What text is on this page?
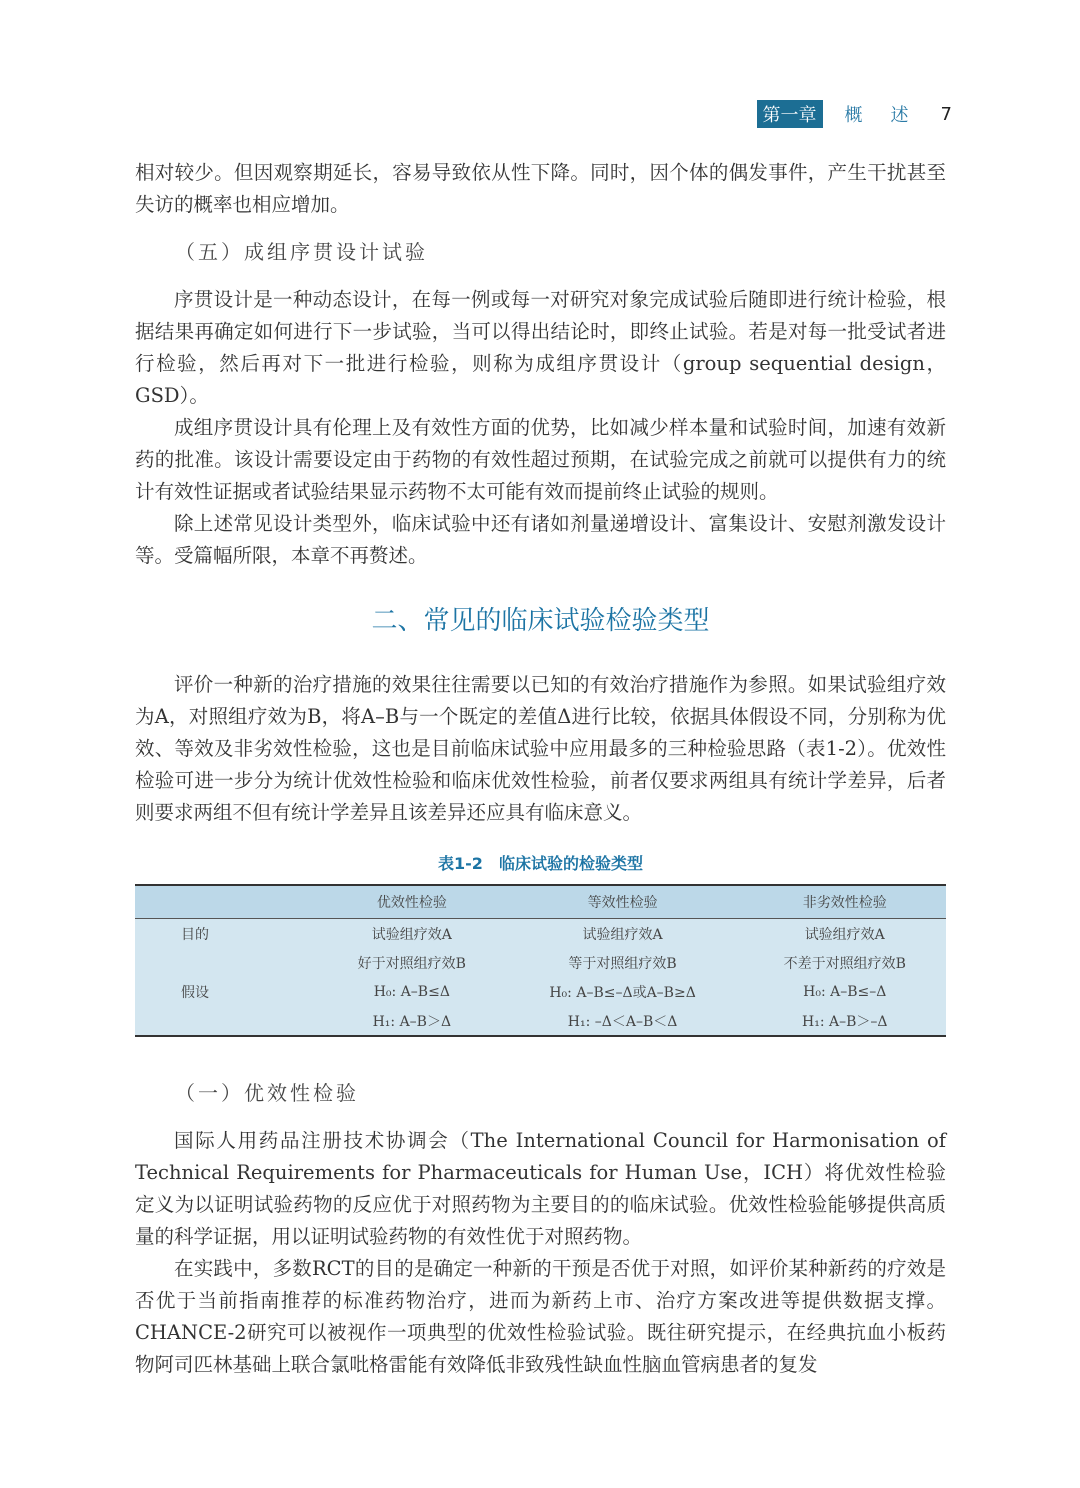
第一章	概 述 7

相对较少。但因观察期延长，容易导致依从性下降。同时，因个体的偶发事件，产生干扰甚至失访的概率也相应增加。

（五）成组序贯设计试验

序贯设计是一种动态设计，在每一例或每一对研究对象完成试验后随即进行统计检验，根据结果再确定如何进行下一步试验，当可以得出结论时，即终止试验。若是对每一批受试者进行检验，然后再对下一批进行检验，则称为成组序贯设计（group sequential design，GSD）。

成组序贯设计具有伦理上及有效性方面的优势，比如减少样本量和试验时间，加速有效新药的批准。该设计需要设定由于药物的有效性超过预期，在试验完成之前就可以提供有力的统计有效性证据或者试验结果显示药物不太可能有效而提前终止试验的规则。

除上述常见设计类型外，临床试验中还有诸如剂量递增设计、富集设计、安慰剂激发设计等。受篇幅所限，本章不再赘述。

二、常见的临床试验检验类型

评价一种新的治疗措施的效果往往需要以已知的有效治疗措施作为参照。如果试验组疗效为A，对照组疗效为B，将A–B与一个既定的差值Δ进行比较，依据具体假设不同，分别称为优效、等效及非劣效性检验，这也是目前临床试验中应用最多的三种检验思路（表1-2）。优效性检验可进一步分为统计优效性检验和临床优效性检验，前者仅要求两组具有统计学差异，后者则要求两组不但有统计学差异且该差异还应具有临床意义。

表1-2　临床试验的检验类型
	优效性检验	等效性检验	非劣效性检验
目的	试验组疗效A	试验组疗效A	试验组疗效A
	好于对照组疗效B	等于对照组疗效B	不差于对照组疗效B
假设	H₀: A–B≤Δ	H₀: A–B≤–Δ或A–B≥Δ	H₀: A–B≤–Δ
	H₁: A–B＞Δ	H₁: –Δ＜A–B＜Δ	H₁: A–B＞–Δ
（一）优效性检验

国际人用药品注册技术协调会（The International Council for Harmonisation of Technical Requirements for Pharmaceuticals for Human Use，ICH）将优效性检验定义为以证明试验药物的反应优于对照药物为主要目的的临床试验。优效性检验能够提供高质量的科学证据，用以证明试验药物的有效性优于对照药物。

在实践中，多数RCT的目的是确定一种新的干预是否优于对照，如评价某种新药的疗效是否优于当前指南推荐的标准药物治疗，进而为新药上市、治疗方案改进等提供数据支撑。CHANCE-2研究可以被视作一项典型的优效性检验试验。既往研究提示，在经典抗血小板药物阿司匹林基础上联合氯吡格雷能有效降低非致残性缺血性脑血管病患者的复发
